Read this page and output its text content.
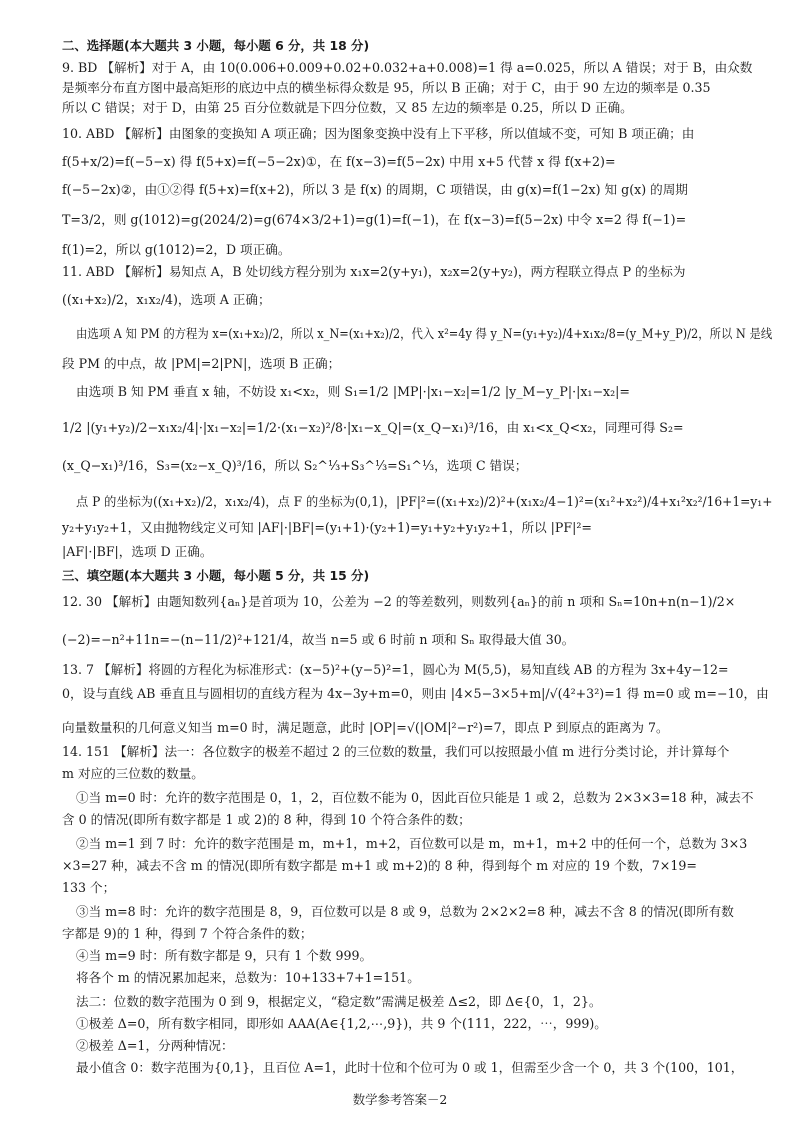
二、选择题(本大题共 3 小题，每小题 6 分，共 18 分)
9. BD 【解析】对于 A，由 10(0.006+0.009+0.02+0.032+a+0.008)=1 得 a=0.025，所以 A 错误；对于 B，由众数
是频率分布直方图中最高矩形的底边中点的横坐标得众数是 95，所以 B 正确；对于 C，由于 90 左边的频率是 0.35
所以 C 错误；对于 D，由第 25 百分位数就是下四分位数，又 85 左边的频率是 0.25，所以 D 正确。
10. ABD 【解析】由图象的变换知 A 项正确；因为图象变换中没有上下平移，所以值域不变，可知 B 项正确；由
f(5+x/2)=f(−5−x) 得 f(5+x)=f(−5−2x)①，在 f(x−3)=f(5−2x) 中用 x+5 代替 x 得 f(x+2)=
f(−5−2x)②，由①②得 f(5+x)=f(x+2)，所以 3 是 f(x) 的周期，C 项错误，由 g(x)=f(1−2x) 知 g(x) 的周期
T=3/2，则 g(1012)=g(2024/2)=g(674×3/2+1)=g(1)=f(−1)，在 f(x−3)=f(5−2x) 中令 x=2 得 f(−1)=
f(1)=2，所以 g(1012)=2，D 项正确。
11. ABD 【解析】易知点 A，B 处切线方程分别为 x₁x=2(y+y₁)，x₂x=2(y+y₂)，两方程联立得点 P 的坐标为
((x₁+x₂)/2，x₁x₂/4)，选项 A 正确；
由选项 A 知 PM 的方程为 x=(x₁+x₂)/2，所以 x_N=(x₁+x₂)/2，代入 x²=4y 得 y_N=(y₁+y₂)/4+x₁x₂/8=(y_M+y_P)/2，所以 N 是线
段 PM 的中点，故 |PM|=2|PN|，选项 B 正确；
由选项 B 知 PM 垂直 x 轴，不妨设 x₁<x₂，则 S₁=1/2 |MP|·|x₁−x₂|=1/2 |y_M−y_P|·|x₁−x₂|=
1/2 |(y₁+y₂)/2−x₁x₂/4|·|x₁−x₂|=1/2·(x₁−x₂)²/8·|x₁−x_Q|=(x_Q−x₁)³/16，由 x₁<x_Q<x₂，同理可得 S₂=
(x_Q−x₁)³/16，S₃=(x₂−x_Q)³/16，所以 S₂^⅓+S₃^⅓=S₁^⅓，选项 C 错误；
点 P 的坐标为((x₁+x₂)/2，x₁x₂/4)，点 F 的坐标为(0,1)，|PF|²=((x₁+x₂)/2)²+(x₁x₂/4−1)²=(x₁²+x₂²)/4+x₁²x₂²/16+1=y₁+
y₂+y₁y₂+1，又由抛物线定义可知 |AF|·|BF|=(y₁+1)·(y₂+1)=y₁+y₂+y₁y₂+1，所以 |PF|²=
|AF|·|BF|，选项 D 正确。
三、填空题(本大题共 3 小题，每小题 5 分，共 15 分)
12. 30 【解析】由题知数列{aₙ}是首项为 10，公差为 −2 的等差数列，则数列{aₙ}的前 n 项和 Sₙ=10n+n(n−1)/2×
(−2)=−n²+11n=−(n−11/2)²+121/4，故当 n=5 或 6 时前 n 项和 Sₙ 取得最大值 30。
13. 7 【解析】将圆的方程化为标准形式：(x−5)²+(y−5)²=1，圆心为 M(5,5)，易知直线 AB 的方程为 3x+4y−12=
0，设与直线 AB 垂直且与圆相切的直线方程为 4x−3y+m=0，则由 |4×5−3×5+m|/√(4²+3²)=1 得 m=0 或 m=−10，由
向量数量积的几何意义知当 m=0 时，满足题意，此时 |OP|=√(|OM|²−r²)=7，即点 P 到原点的距离为 7。
14. 151 【解析】法一：各位数字的极差不超过 2 的三位数的数量，我们可以按照最小值 m 进行分类讨论，并计算每个
m 对应的三位数的数量。
①当 m=0 时：允许的数字范围是 0，1，2，百位数不能为 0，因此百位只能是 1 或 2，总数为 2×3×3=18 种，减去不
含 0 的情况(即所有数字都是 1 或 2)的 8 种，得到 10 个符合条件的数；
②当 m=1 到 7 时：允许的数字范围是 m，m+1，m+2，百位数可以是 m，m+1，m+2 中的任何一个，总数为 3×3
×3=27 种，减去不含 m 的情况(即所有数字都是 m+1 或 m+2)的 8 种，得到每个 m 对应的 19 个数，7×19=
133 个；
③当 m=8 时：允许的数字范围是 8，9，百位数可以是 8 或 9，总数为 2×2×2=8 种，减去不含 8 的情况(即所有数
字都是 9)的 1 种，得到 7 个符合条件的数；
④当 m=9 时：所有数字都是 9，只有 1 个数 999。
将各个 m 的情况累加起来，总数为：10+133+7+1=151。
法二：位数的数字范围为 0 到 9，根据定义，“稳定数”需满足极差 Δ≤2，即 Δ∈{0，1，2}。
①极差 Δ=0，所有数字相同，即形如 AAA(A∈{1,2,⋯,9})，共 9 个(111，222，⋯，999)。
②极差 Δ=1，分两种情况：
最小值含 0：数字范围为{0,1}，且百位 A=1，此时十位和个位可为 0 或 1，但需至少含一个 0，共 3 个(100，101，
数学参考答案－2
